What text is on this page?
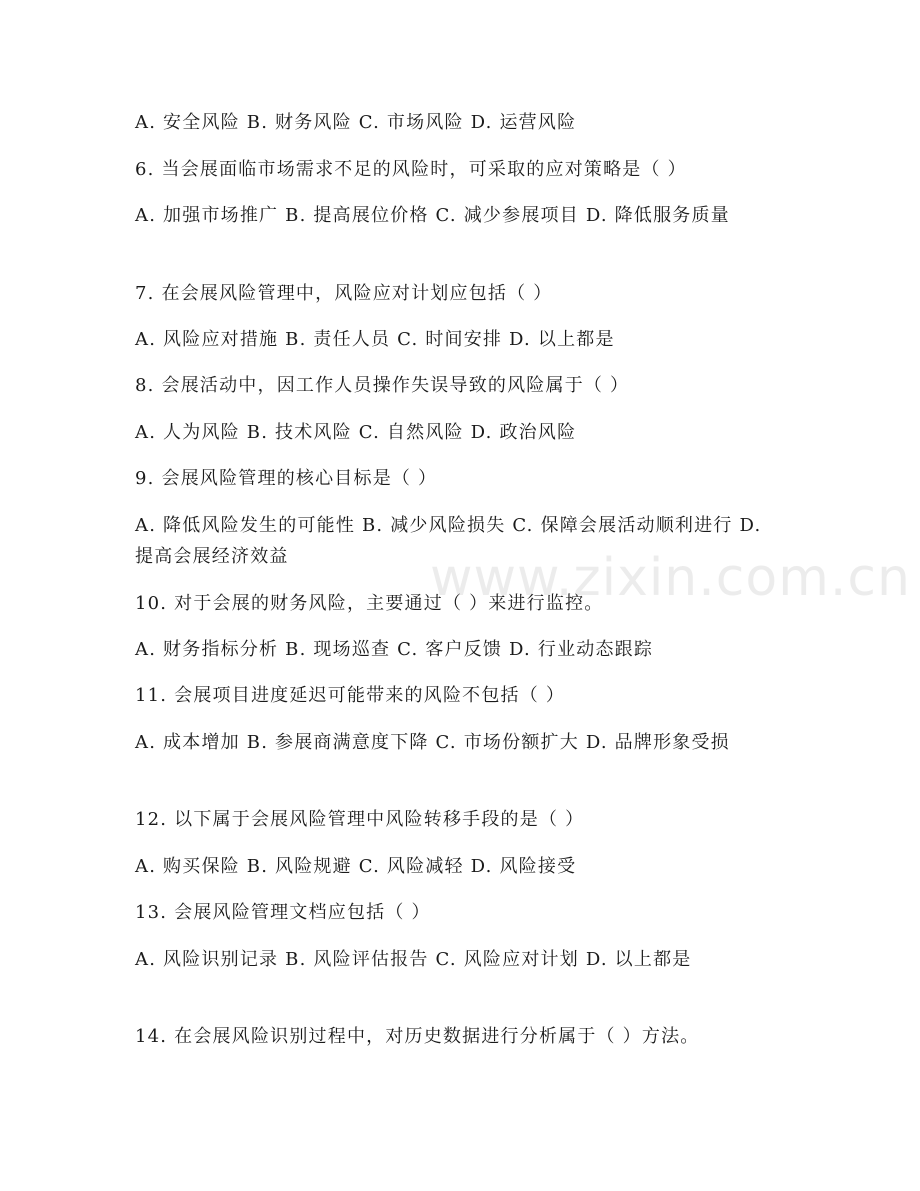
A. 安全风险 B. 财务风险 C. 市场风险 D. 运营风险
6. 当会展面临市场需求不足的风险时，可采取的应对策略是（ ）
A. 加强市场推广 B. 提高展位价格 C. 减少参展项目 D. 降低服务质量
7. 在会展风险管理中，风险应对计划应包括（ ）
A. 风险应对措施 B. 责任人员 C. 时间安排 D. 以上都是
8. 会展活动中，因工作人员操作失误导致的风险属于（ ）
A. 人为风险 B. 技术风险 C. 自然风险 D. 政治风险
9. 会展风险管理的核心目标是（ ）
A. 降低风险发生的可能性 B. 减少风险损失 C. 保障会展活动顺利进行 D. 提高会展经济效益
10. 对于会展的财务风险，主要通过（ ）来进行监控。
A. 财务指标分析 B. 现场巡查 C. 客户反馈 D. 行业动态跟踪
11. 会展项目进度延迟可能带来的风险不包括（ ）
A. 成本增加 B. 参展商满意度下降 C. 市场份额扩大 D. 品牌形象受损
12. 以下属于会展风险管理中风险转移手段的是（ ）
A. 购买保险 B. 风险规避 C. 风险减轻 D. 风险接受
13. 会展风险管理文档应包括（ ）
A. 风险识别记录 B. 风险评估报告 C. 风险应对计划 D. 以上都是
14. 在会展风险识别过程中，对历史数据进行分析属于（ ）方法。
www.zixin.com.cn
